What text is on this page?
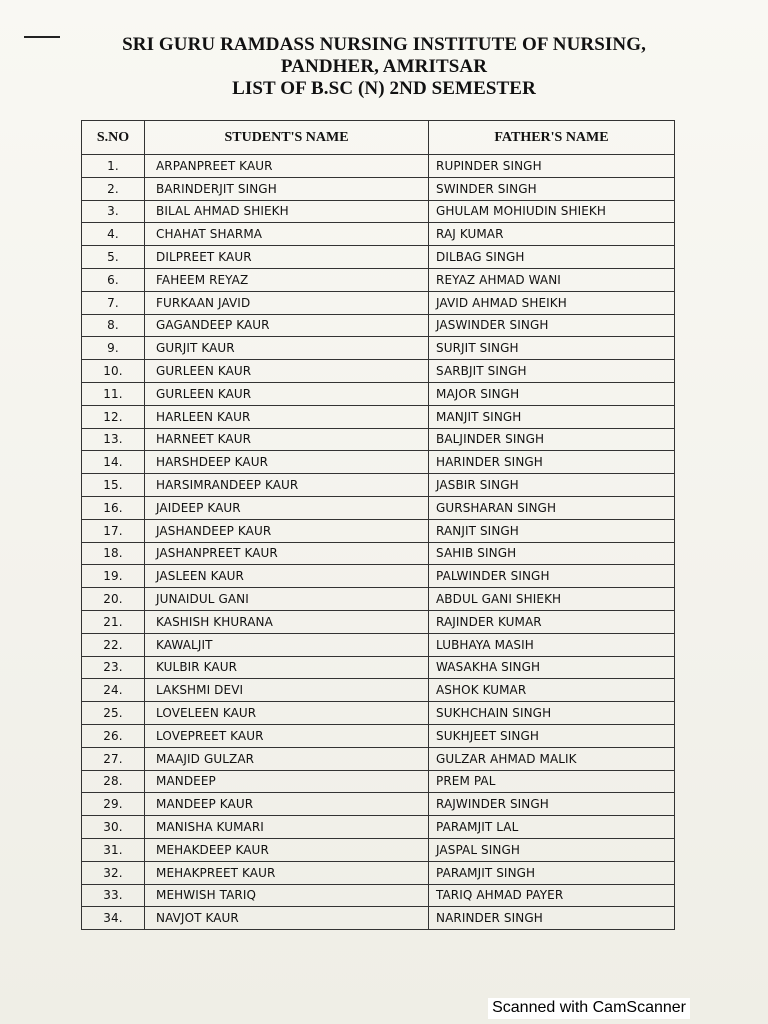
SRI GURU RAMDASS NURSING INSTITUTE OF NURSING,
PANDHER, AMRITSAR
LIST OF B.SC (N) 2ND SEMESTER
S.NO	STUDENT'S NAME	FATHER'S NAME
1.	ARPANPREET KAUR	RUPINDER SINGH
2.	BARINDERJIT SINGH	SWINDER SINGH
3.	BILAL AHMAD SHIEKH	GHULAM MOHIUDIN SHIEKH
4.	CHAHAT SHARMA	RAJ KUMAR
5.	DILPREET KAUR	DILBAG SINGH
6.	FAHEEM REYAZ	REYAZ AHMAD WANI
7.	FURKAAN JAVID	JAVID AHMAD SHEIKH
8.	GAGANDEEP KAUR	JASWINDER SINGH
9.	GURJIT KAUR	SURJIT SINGH
10.	GURLEEN KAUR	SARBJIT SINGH
11.	GURLEEN KAUR	MAJOR SINGH
12.	HARLEEN KAUR	MANJIT SINGH
13.	HARNEET KAUR	BALJINDER SINGH
14.	HARSHDEEP KAUR	HARINDER SINGH
15.	HARSIMRANDEEP KAUR	JASBIR SINGH
16.	JAIDEEP KAUR	GURSHARAN SINGH
17.	JASHANDEEP KAUR	RANJIT SINGH
18.	JASHANPREET KAUR	SAHIB SINGH
19.	JASLEEN KAUR	PALWINDER SINGH
20.	JUNAIDUL GANI	ABDUL GANI SHIEKH
21.	KASHISH KHURANA	RAJINDER KUMAR
22.	KAWALJIT	LUBHAYA MASIH
23.	KULBIR KAUR	WASAKHA SINGH
24.	LAKSHMI DEVI	ASHOK KUMAR
25.	LOVELEEN KAUR	SUKHCHAIN SINGH
26.	LOVEPREET KAUR	SUKHJEET SINGH
27.	MAAJID GULZAR	GULZAR AHMAD MALIK
28.	MANDEEP	PREM PAL
29.	MANDEEP KAUR	RAJWINDER SINGH
30.	MANISHA KUMARI	PARAMJIT LAL
31.	MEHAKDEEP KAUR	JASPAL SINGH
32.	MEHAKPREET KAUR	PARAMJIT SINGH
33.	MEHWISH TARIQ	TARIQ AHMAD PAYER
34.	NAVJOT KAUR	NARINDER SINGH
Scanned with CamScanner
